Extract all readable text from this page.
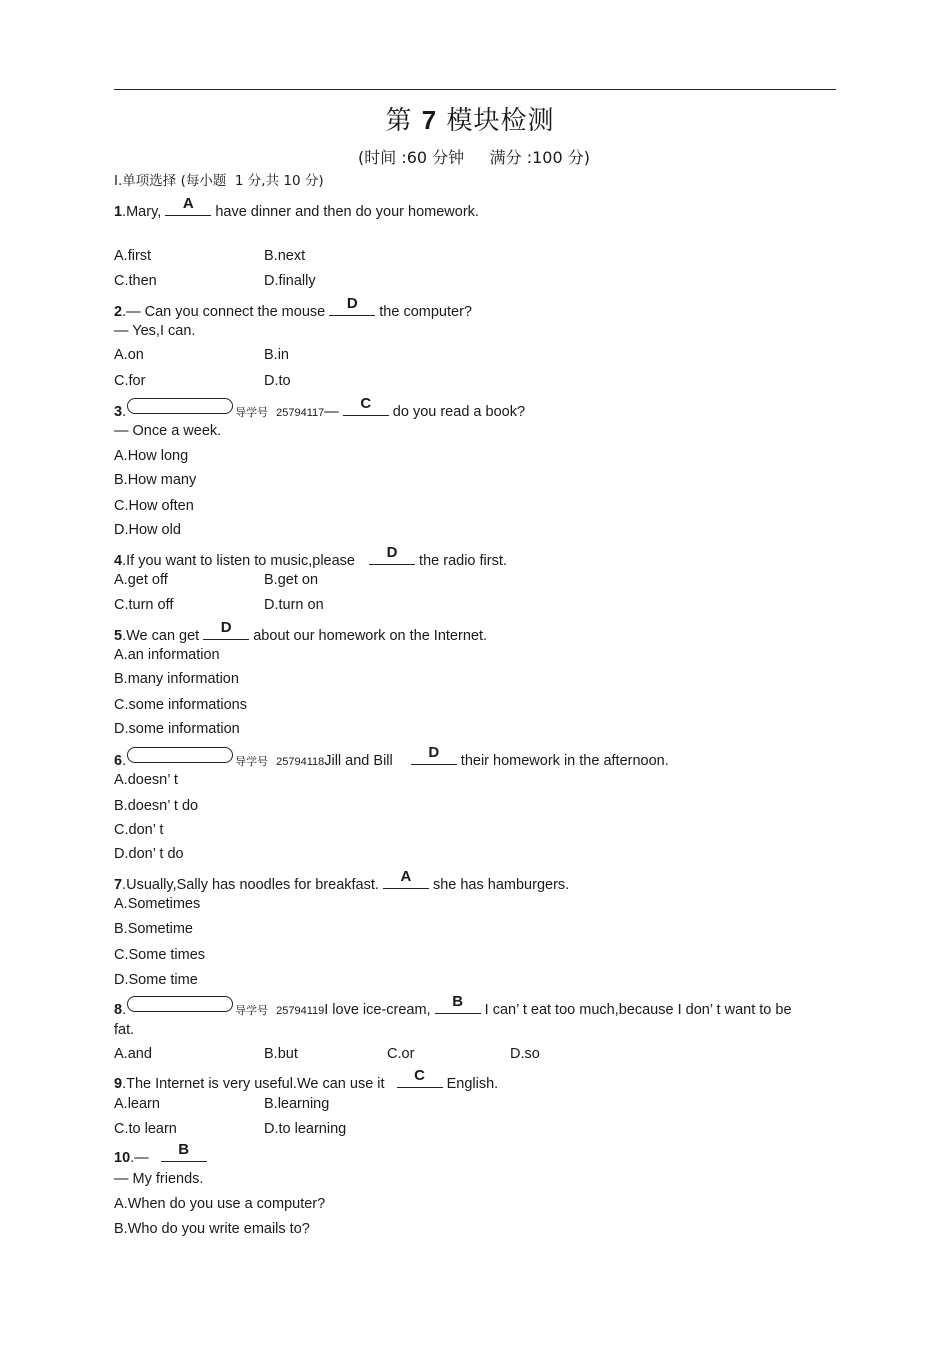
第 7 模块检测
(时间 :60 分钟     满分 :100 分)
Ⅰ.单项选择 (每小题  1 分,共 10 分)
1.Mary,	A	have dinner and then do your homework.
A.first	B.next
C.then	D.finally
2.— Can you connect the mouse	D	the computer?
— Yes,I can.
A.on	B.in
C.for	D.to
3.	导学号 25794117—	C	do you read a book?
— Once a week.
A.How long
B.How many
C.How often
D.How old
4.If you want to listen to music,please	D	the radio first.
A.get off	B.get on
C.turn off	D.turn on
5.We can get	D	about our homework on the Internet.
A.an information
B.many information
C.some informations
D.some information
6.	导学号 25794118Jill and Bill	D	their homework in the afternoon.
A.doesn’ t
B.doesn’ t do
C.don’ t
D.don’ t do
7.Usually,Sally has noodles for breakfast.	A	she has hamburgers.
A.Sometimes
B.Sometime
C.Some times
D.Some time
8.	导学号 25794119I love ice-cream,	B	I can’ t eat too much,because I don’ t want to be
fat.
A.and	B.but	C.or	D.so
9.The Internet is very useful.We can use it	C	English.
A.learn	B.learning
C.to learn	D.to learning
10.—	B
— My friends.
A.When do you use a computer?
B.Who do you write emails to?
